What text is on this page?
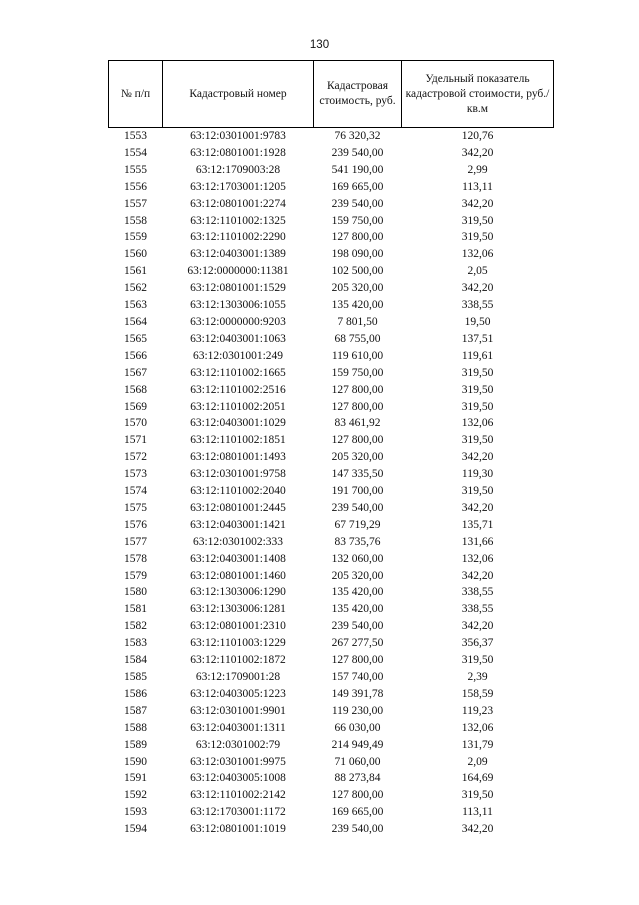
130
№ п/п	Кадастровый номер	Кадастровая стоимость, руб.	Удельный показатель кадастровой стоимости, руб./кв.м
1553	63:12:0301001:9783	76 320,32	120,76
1554	63:12:0801001:1928	239 540,00	342,20
1555	63:12:1709003:28	541 190,00	2,99
1556	63:12:1703001:1205	169 665,00	113,11
1557	63:12:0801001:2274	239 540,00	342,20
1558	63:12:1101002:1325	159 750,00	319,50
1559	63:12:1101002:2290	127 800,00	319,50
1560	63:12:0403001:1389	198 090,00	132,06
1561	63:12:0000000:11381	102 500,00	2,05
1562	63:12:0801001:1529	205 320,00	342,20
1563	63:12:1303006:1055	135 420,00	338,55
1564	63:12:0000000:9203	7 801,50	19,50
1565	63:12:0403001:1063	68 755,00	137,51
1566	63:12:0301001:249	119 610,00	119,61
1567	63:12:1101002:1665	159 750,00	319,50
1568	63:12:1101002:2516	127 800,00	319,50
1569	63:12:1101002:2051	127 800,00	319,50
1570	63:12:0403001:1029	83 461,92	132,06
1571	63:12:1101002:1851	127 800,00	319,50
1572	63:12:0801001:1493	205 320,00	342,20
1573	63:12:0301001:9758	147 335,50	119,30
1574	63:12:1101002:2040	191 700,00	319,50
1575	63:12:0801001:2445	239 540,00	342,20
1576	63:12:0403001:1421	67 719,29	135,71
1577	63:12:0301002:333	83 735,76	131,66
1578	63:12:0403001:1408	132 060,00	132,06
1579	63:12:0801001:1460	205 320,00	342,20
1580	63:12:1303006:1290	135 420,00	338,55
1581	63:12:1303006:1281	135 420,00	338,55
1582	63:12:0801001:2310	239 540,00	342,20
1583	63:12:1101003:1229	267 277,50	356,37
1584	63:12:1101002:1872	127 800,00	319,50
1585	63:12:1709001:28	157 740,00	2,39
1586	63:12:0403005:1223	149 391,78	158,59
1587	63:12:0301001:9901	119 230,00	119,23
1588	63:12:0403001:1311	66 030,00	132,06
1589	63:12:0301002:79	214 949,49	131,79
1590	63:12:0301001:9975	71 060,00	2,09
1591	63:12:0403005:1008	88 273,84	164,69
1592	63:12:1101002:2142	127 800,00	319,50
1593	63:12:1703001:1172	169 665,00	113,11
1594	63:12:0801001:1019	239 540,00	342,20
